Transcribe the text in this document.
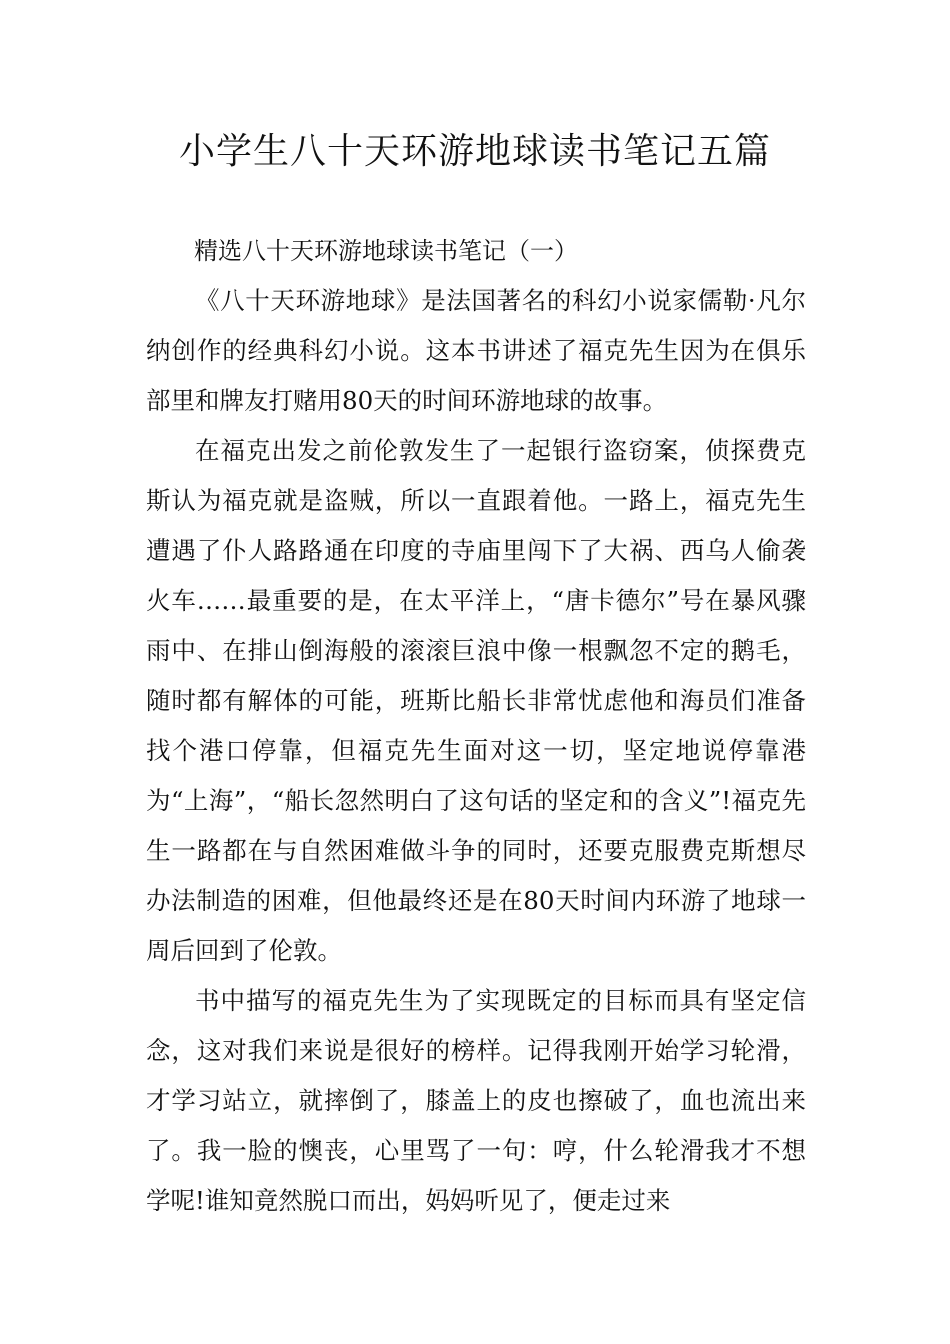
小学生八十天环游地球读书笔记五篇

精选八十天环游地球读书笔记（一）

《八十天环游地球》是法国著名的科幻小说家儒勒·凡尔纳创作的经典科幻小说。这本书讲述了福克先生因为在俱乐部里和牌友打赌用80天的时间环游地球的故事。

在福克出发之前伦敦发生了一起银行盗窃案，侦探费克斯认为福克就是盗贼，所以一直跟着他。一路上，福克先生遭遇了仆人路路通在印度的寺庙里闯下了大祸、西乌人偷袭火车……最重要的是，在太平洋上，“唐卡德尔”号在暴风骤雨中、在排山倒海般的滚滚巨浪中像一根飘忽不定的鹅毛，随时都有解体的可能，班斯比船长非常忧虑他和海员们准备找个港口停靠，但福克先生面对这一切，坚定地说停靠港为“上海”，“船长忽然明白了这句话的坚定和的含义”!福克先生一路都在与自然困难做斗争的同时，还要克服费克斯想尽办法制造的困难，但他最终还是在80天时间内环游了地球一周后回到了伦敦。

书中描写的福克先生为了实现既定的目标而具有坚定信念，这对我们来说是很好的榜样。记得我刚开始学习轮滑，才学习站立，就摔倒了，膝盖上的皮也擦破了，血也流出来了。我一脸的懊丧，心里骂了一句：哼，什么轮滑我才不想学呢!谁知竟然脱口而出，妈妈听见了，便走过来
